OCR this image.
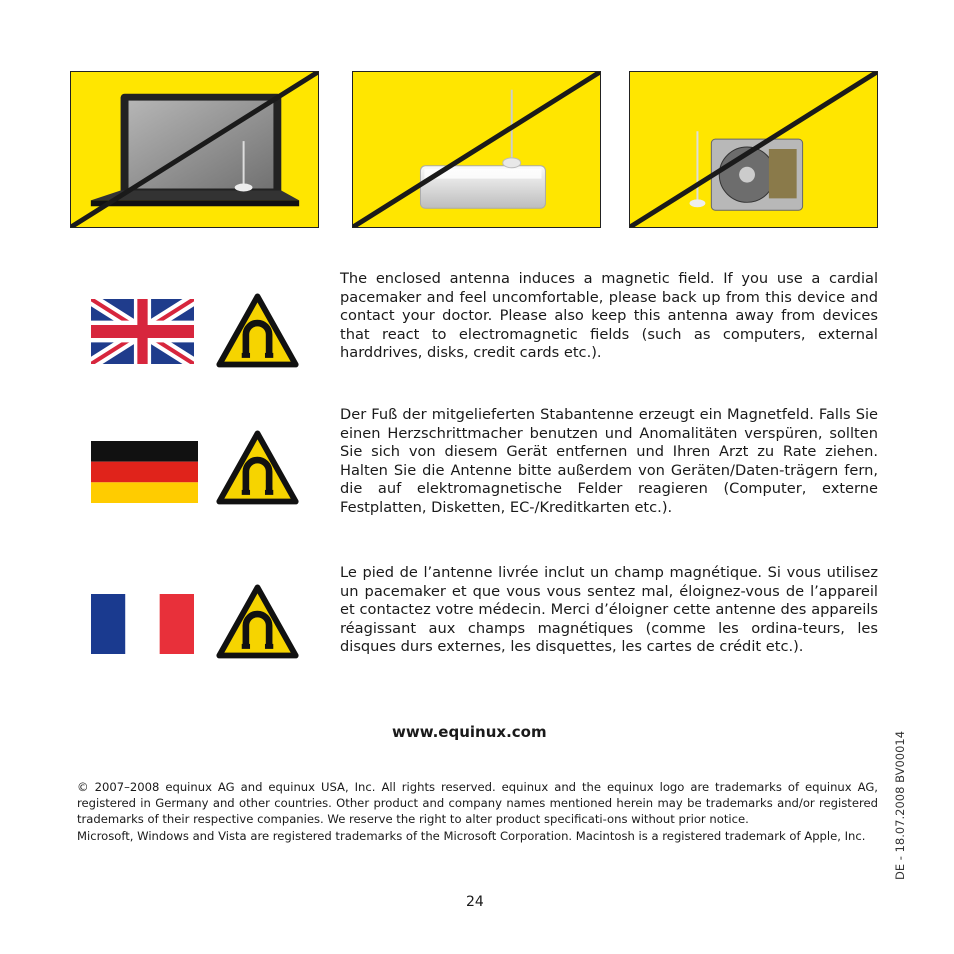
The enclosed antenna induces a magnetic field. If you use a cardial pacemaker and feel uncomfortable, please back up from this device and contact your doctor. Please also keep this antenna away from devices that react to electromagnetic fields (such as computers, external harddrives, disks, credit cards etc.).

Der Fuß der mitgelieferten Stabantenne erzeugt ein Magnetfeld. Falls Sie einen Herzschrittmacher benutzen und Anomalitäten verspüren, sollten Sie sich von diesem Gerät entfernen und Ihren Arzt zu Rate ziehen. Halten Sie die Antenne bitte außerdem von Geräten/Daten-trägern fern, die auf elektromagnetische Felder reagieren (Computer, externe Festplatten, Disketten, EC-/Kreditkarten etc.).

Le pied de l’antenne livrée inclut un champ magnétique. Si vous utilisez un pacemaker et que vous vous sentez mal, éloignez-vous de l’appareil et contactez votre médecin. Merci d’éloigner cette antenne des appareils réagissant aux champs magnétiques (comme les ordina-teurs, les disques durs externes, les disquettes, les cartes de crédit etc.).

www.equinux.com

© 2007–2008 equinux AG and equinux USA, Inc. All rights reserved. equinux and the equinux logo are trademarks of equinux AG, registered in Germany and other countries. Other product and company names mentioned herein may be trademarks and/or registered trademarks of their respective companies. We reserve the right to alter product specificati-ons without prior notice.

Microsoft, Windows and Vista are registered trademarks of the Microsoft Corporation. Macintosh is a registered trademark of Apple, Inc.

24
DE - 18.07.2008 BV00014
